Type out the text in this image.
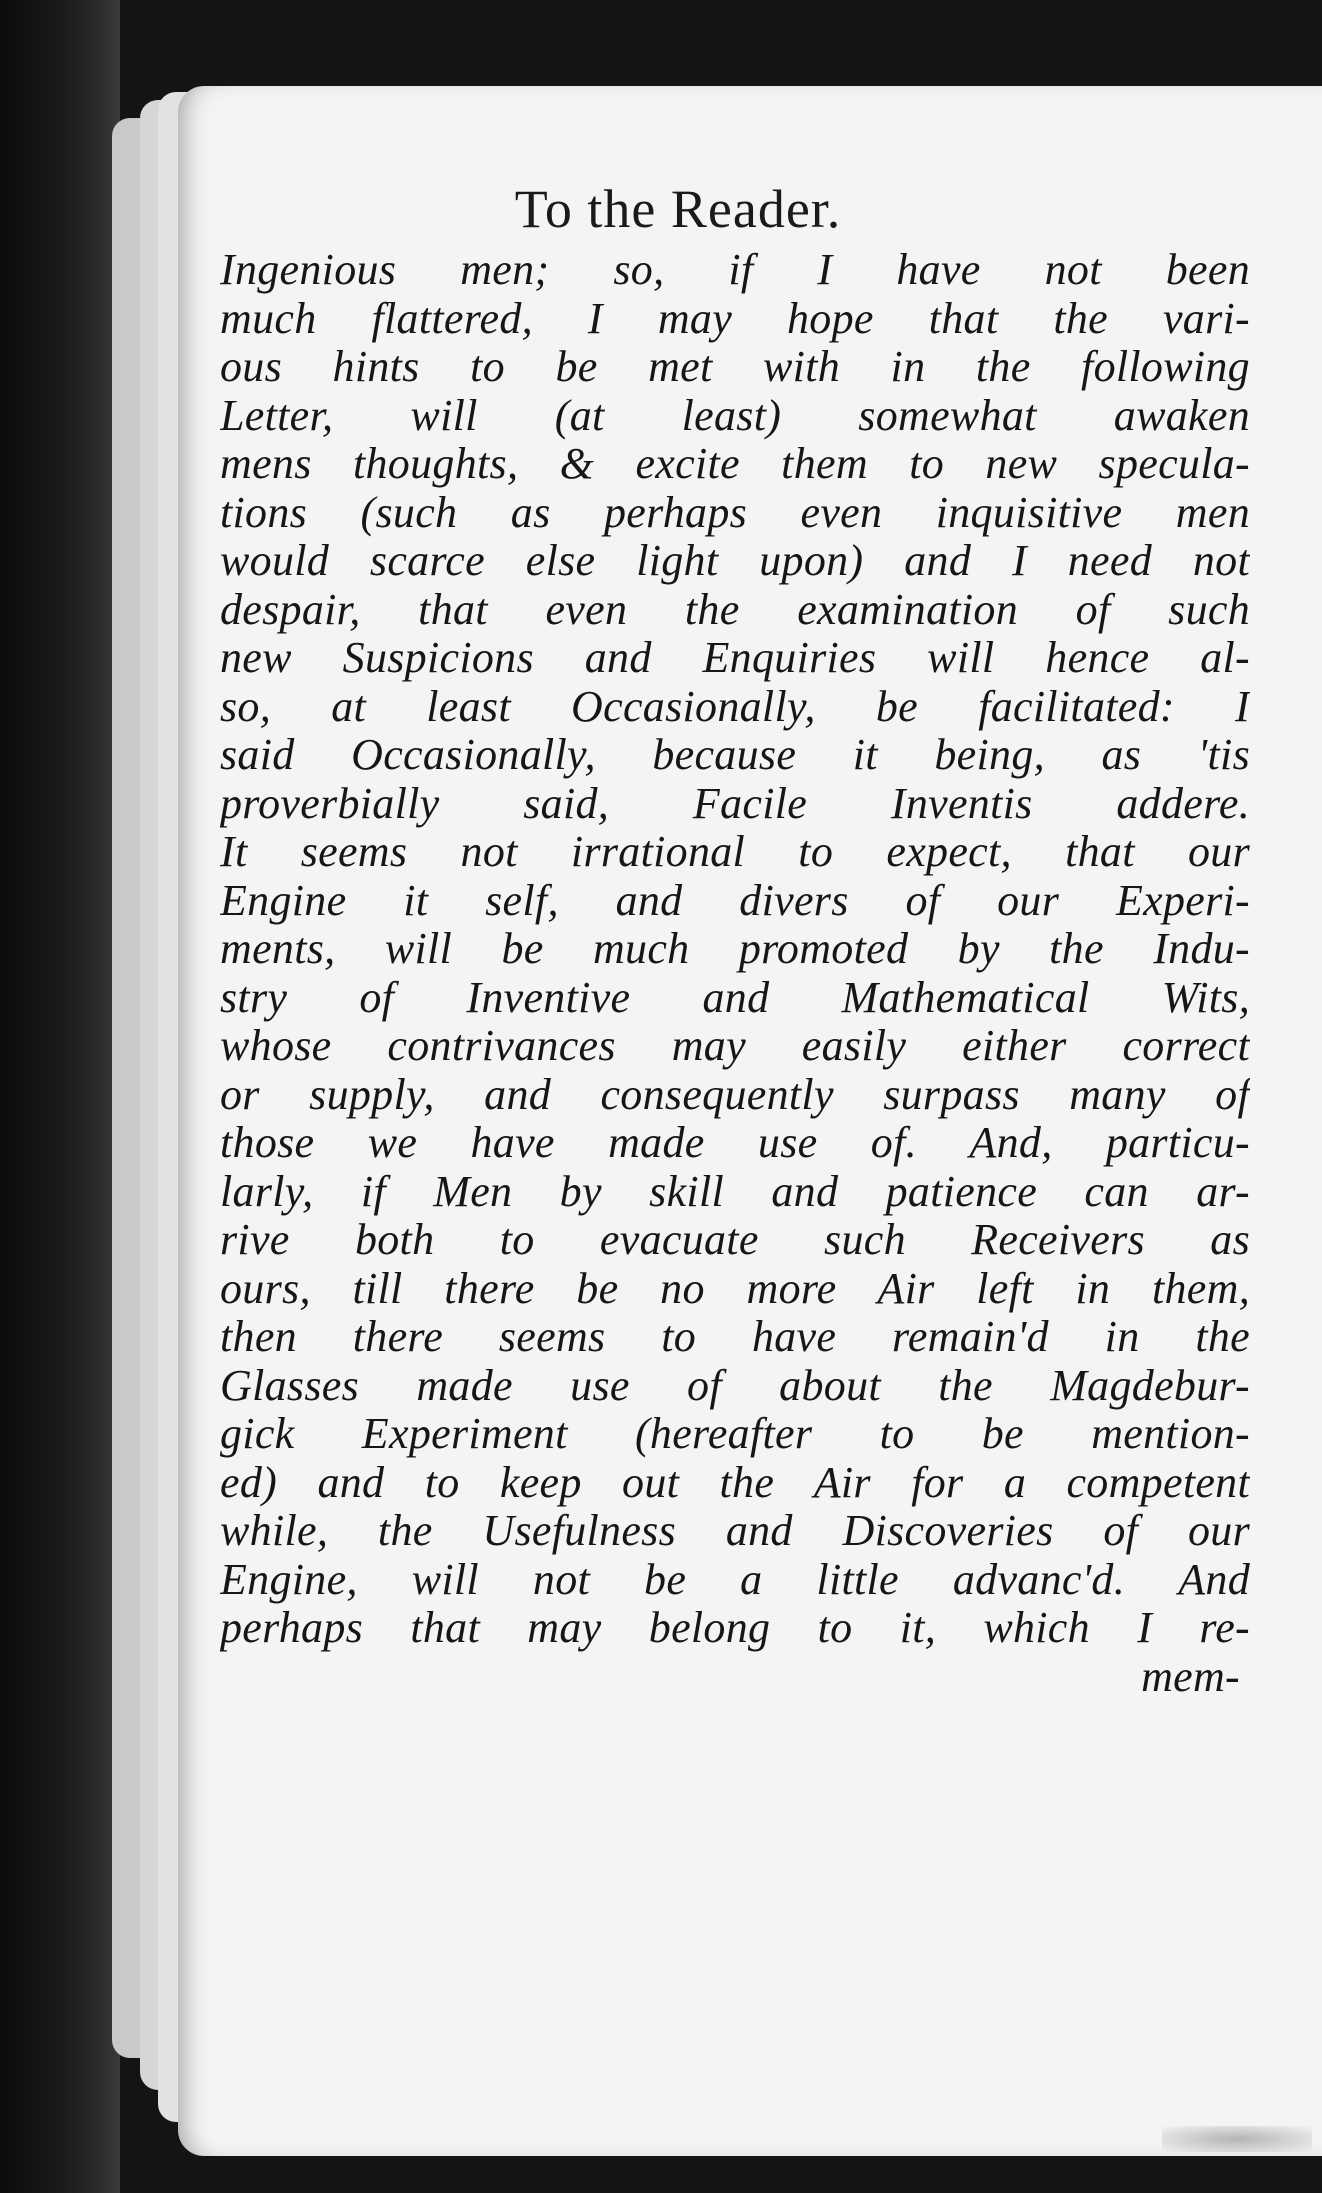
To the Reader.
Ingenious men; so, if I have not been
much flattered, I may hope that the vari-
ous hints to be met with in the following
Letter, will (at least) somewhat awaken
mens thoughts, & excite them to new specula-
tions (such as perhaps even inquisitive men
would scarce else light upon) and I need not
despair, that even the examination of such
new Suspicions and Enquiries will hence al-
so, at least Occasionally, be facilitated: I
said Occasionally, because it being, as 'tis
proverbially said, Facile Inventis addere.
It seems not irrational to expect, that our
Engine it self, and divers of our Experi-
ments, will be much promoted by the Indu-
stry of Inventive and Mathematical Wits,
whose contrivances may easily either correct
or supply, and consequently surpass many of
those we have made use of. And, particu-
larly, if Men by skill and patience can ar-
rive both to evacuate such Receivers as
ours, till there be no more Air left in them,
then there seems to have remain'd in the
Glasses made use of about the Magdebur-
gick Experiment (hereafter to be mention-
ed) and to keep out the Air for a competent
while, the Usefulness and Discoveries of our
Engine, will not be a little advanc'd. And
perhaps that may belong to it, which I re-
mem-
